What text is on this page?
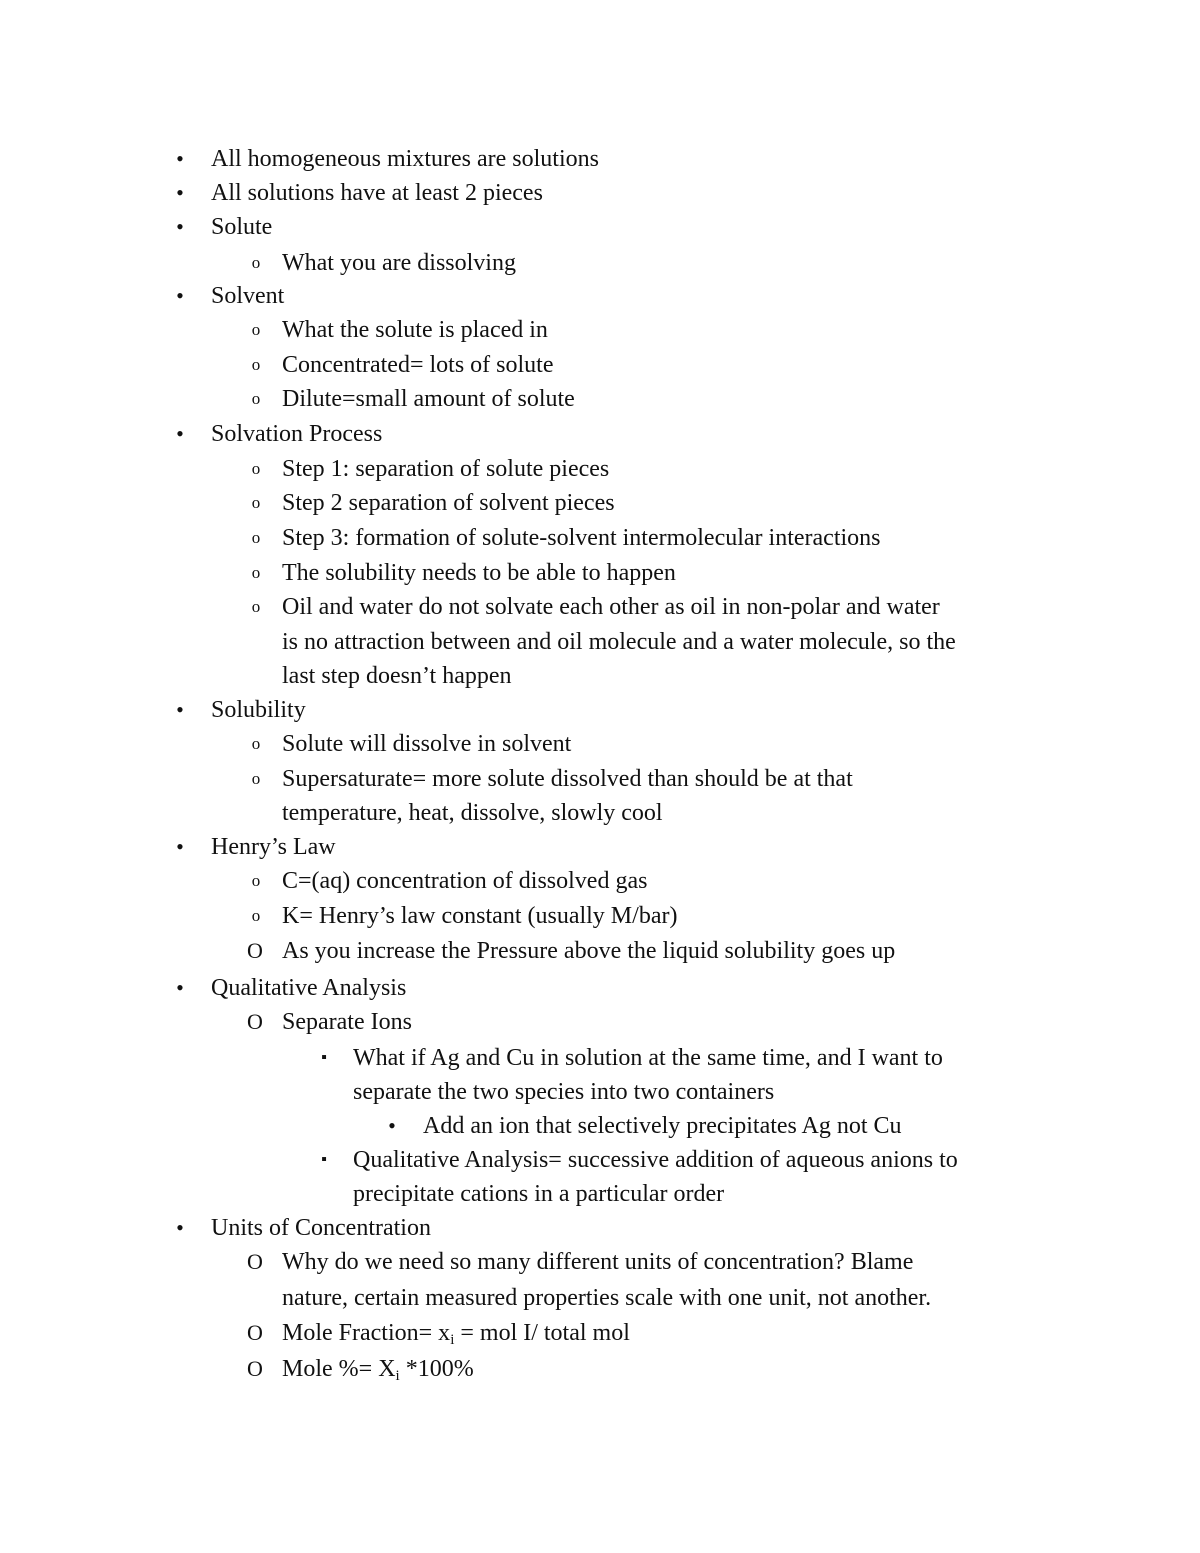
• All homogeneous mixtures are solutions
• All solutions have at least 2 pieces
• Solute
o What you are dissolving
• Solvent
o What the solute is placed in
o Concentrated= lots of solute
o Dilute=small amount of solute
• Solvation Process
o Step 1: separation of solute pieces
o Step 2 separation of solvent pieces
o Step 3: formation of solute-solvent intermolecular interactions
o The solubility needs to be able to happen
o Oil and water do not solvate each other as oil in non-polar and water
is no attraction between and oil molecule and a water molecule, so the
last step doesn’t happen
• Solubility
o Solute will dissolve in solvent
o Supersaturate= more solute dissolved than should be at that
temperature, heat, dissolve, slowly cool
• Henry’s Law
o C=(aq) concentration of dissolved gas
o K= Henry’s law constant (usually M/bar)
O As you increase the Pressure above the liquid solubility goes up
• Qualitative Analysis
O Separate Ions
▪ What if Ag and Cu in solution at the same time, and I want to
separate the two species into two containers
• Add an ion that selectively precipitates Ag not Cu
▪ Qualitative Analysis= successive addition of aqueous anions to
precipitate cations in a particular order
• Units of Concentration
O Why do we need so many different units of concentration? Blame
nature, certain measured properties scale with one unit, not another.
O Mole Fraction= $x_i$ = mol I/ total mol
O Mole %= $X_i$ *100%
